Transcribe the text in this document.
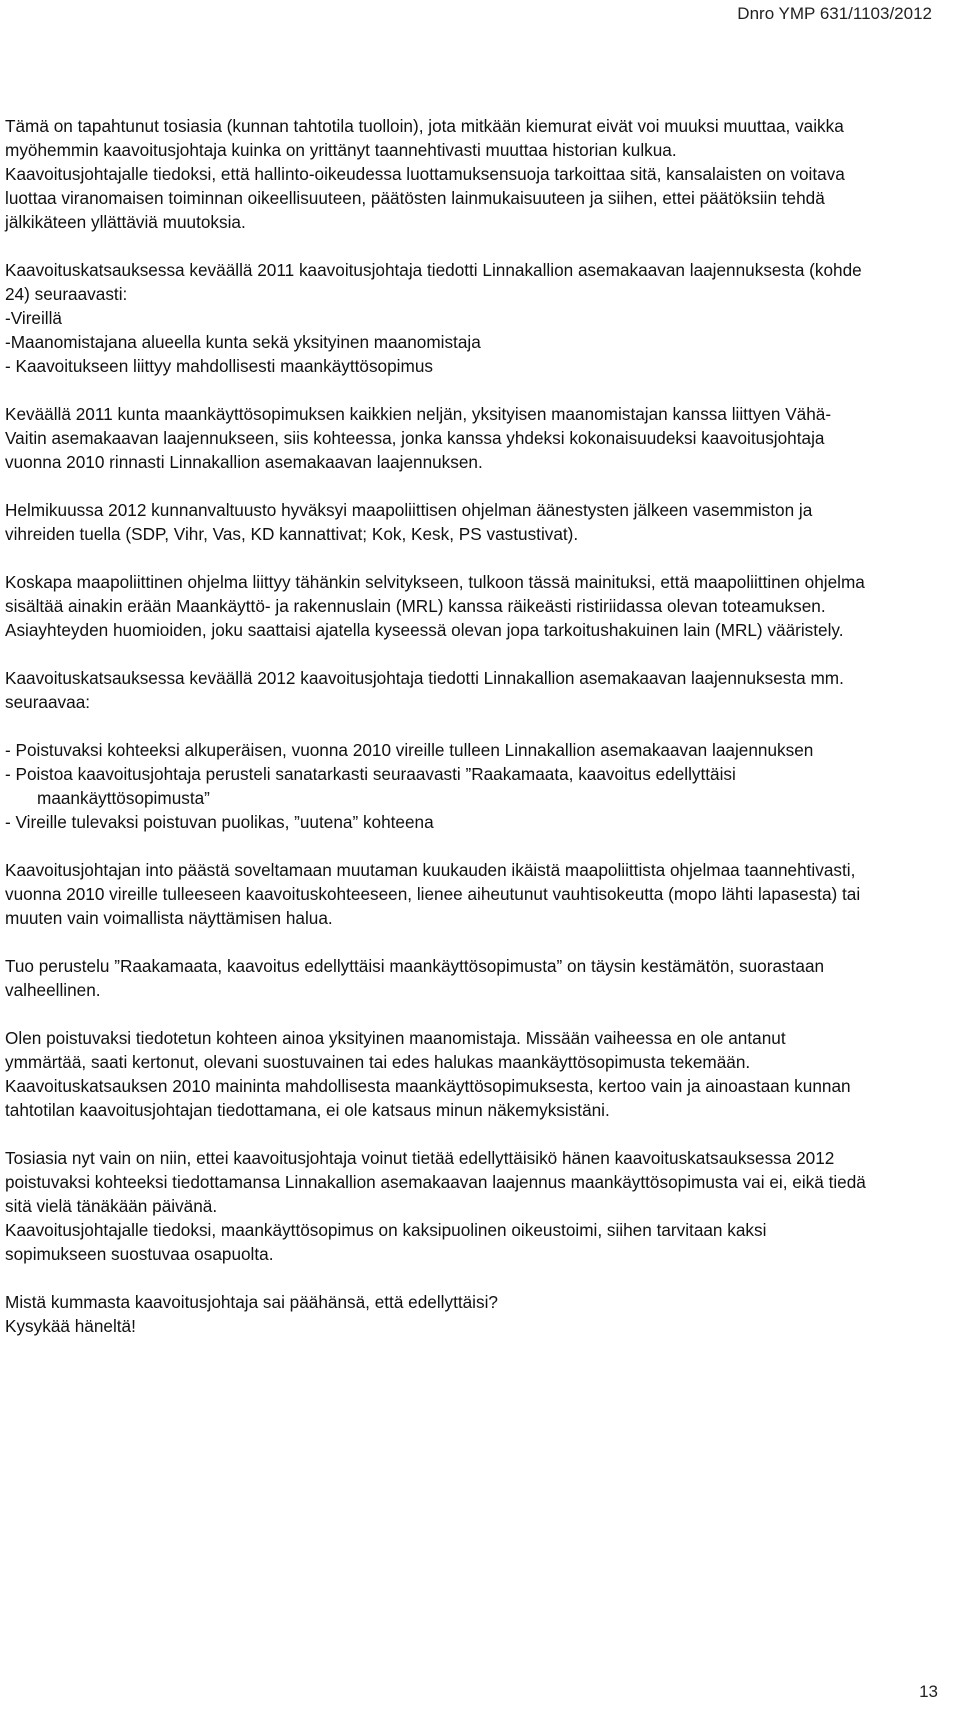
Dnro YMP 631/1103/2012

Tämä on tapahtunut tosiasia (kunnan tahtotila tuolloin), jota mitkään kiemurat eivät voi muuksi muuttaa, vaikka myöhemmin kaavoitusjohtaja kuinka on yrittänyt taannehtivasti muuttaa historian kulkua.

Kaavoitusjohtajalle tiedoksi, että hallinto-oikeudessa luottamuksensuoja tarkoittaa sitä, kansalaisten on voitava luottaa viranomaisen toiminnan oikeellisuuteen, päätösten lainmukaisuuteen ja siihen, ettei päätöksiin tehdä jälkikäteen yllättäviä muutoksia.

Kaavoituskatsauksessa keväällä 2011 kaavoitusjohtaja tiedotti Linnakallion asemakaavan laajennuksesta (kohde 24) seuraavasti:

-Vireillä

-Maanomistajana alueella kunta sekä yksityinen maanomistaja

- Kaavoitukseen liittyy mahdollisesti maankäyttösopimus

Keväällä 2011 kunta maankäyttösopimuksen kaikkien neljän, yksityisen maanomistajan kanssa liittyen Vähä-Vaitin asemakaavan laajennukseen, siis kohteessa, jonka kanssa yhdeksi kokonaisuudeksi kaavoitusjohtaja vuonna 2010 rinnasti Linnakallion asemakaavan laajennuksen.

Helmikuussa 2012 kunnanvaltuusto hyväksyi maapoliittisen ohjelman äänestysten jälkeen vasemmiston ja vihreiden tuella (SDP, Vihr, Vas, KD kannattivat; Kok, Kesk, PS vastustivat).

Koskapa maapoliittinen ohjelma liittyy tähänkin selvitykseen, tulkoon tässä mainituksi, että maapoliittinen ohjelma sisältää ainakin erään Maankäyttö- ja rakennuslain (MRL) kanssa räikeästi ristiriidassa olevan toteamuksen.

Asiayhteyden huomioiden, joku saattaisi ajatella kyseessä olevan jopa tarkoitushakuinen lain (MRL) vääristely.

Kaavoituskatsauksessa keväällä 2012 kaavoitusjohtaja tiedotti Linnakallion asemakaavan laajennuksesta mm. seuraavaa:

- Poistuvaksi kohteeksi alkuperäisen, vuonna 2010 vireille tulleen Linnakallion asemakaavan laajennuksen

- Poistoa kaavoitusjohtaja perusteli sanatarkasti seuraavasti ”Raakamaata, kaavoitus edellyttäisi maankäyttösopimusta”

- Vireille tulevaksi poistuvan puolikas, ”uutena” kohteena

Kaavoitusjohtajan into päästä soveltamaan muutaman kuukauden ikäistä maapoliittista ohjelmaa taannehtivasti, vuonna 2010 vireille tulleeseen kaavoituskohteeseen, lienee aiheutunut vauhtisokeutta (mopo lähti lapasesta) tai muuten vain voimallista näyttämisen halua.

Tuo perustelu ”Raakamaata, kaavoitus edellyttäisi maankäyttösopimusta” on täysin kestämätön, suorastaan valheellinen.

Olen poistuvaksi tiedotetun kohteen ainoa yksityinen maanomistaja. Missään vaiheessa en ole antanut ymmärtää, saati kertonut, olevani suostuvainen tai edes halukas maankäyttösopimusta tekemään.

Kaavoituskatsauksen 2010 maininta mahdollisesta maankäyttösopimuksesta, kertoo vain ja ainoastaan kunnan tahtotilan kaavoitusjohtajan tiedottamana, ei ole katsaus minun näkemyksistäni.

Tosiasia nyt vain on niin, ettei kaavoitusjohtaja voinut tietää edellyttäisikö hänen kaavoituskatsauksessa 2012 poistuvaksi kohteeksi tiedottamansa Linnakallion asemakaavan laajennus maankäyttösopimusta vai ei, eikä tiedä sitä vielä tänäkään päivänä.

Kaavoitusjohtajalle tiedoksi, maankäyttösopimus on kaksipuolinen oikeustoimi, siihen tarvitaan kaksi sopimukseen suostuvaa osapuolta.

Mistä kummasta kaavoitusjohtaja sai päähänsä, että edellyttäisi?

Kysykää häneltä!

13
